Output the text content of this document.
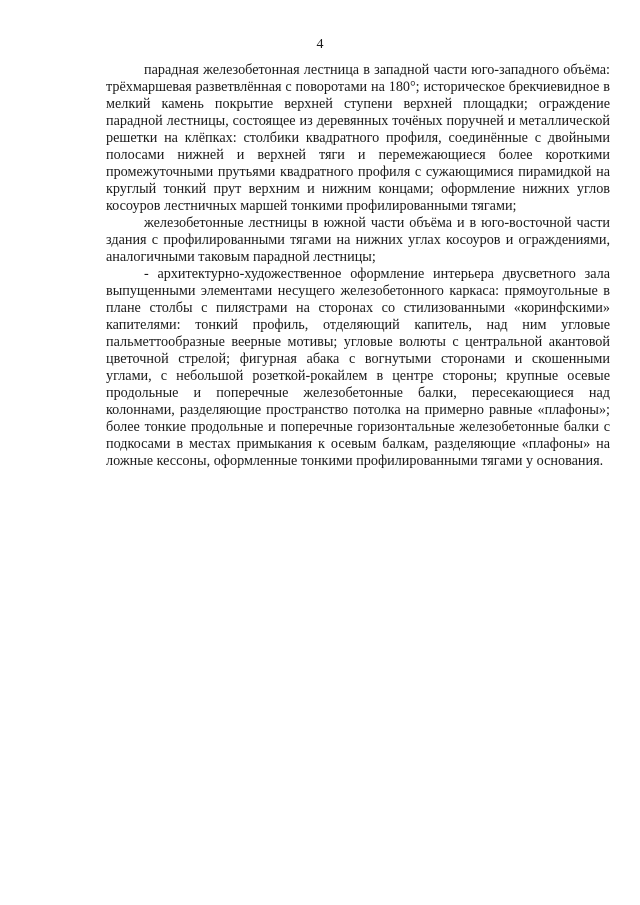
4

парадная железобетонная лестница в западной части юго-западного объёма: трёхмаршевая разветвлённая с поворотами на 180°; историческое брекчиевидное в мелкий камень покрытие верхней ступени верхней площадки; ограждение парадной лестницы, состоящее из деревянных точёных поручней и металлической решетки на клёпках: столбики квадратного профиля, соединённые с двойными полосами нижней и верхней тяги и перемежающиеся более короткими промежуточными прутьями квадратного профиля с сужающимися пирамидкой на круглый тонкий прут верхним и нижним концами; оформление нижних углов косоуров лестничных маршей тонкими профилированными тягами;

железобетонные лестницы в южной части объёма и в юго-восточной части здания с профилированными тягами на нижних углах косоуров и ограждениями, аналогичными таковым парадной лестницы;

- архитектурно-художественное оформление интерьера двусветного зала выпущенными элементами несущего железобетонного каркаса: прямоугольные в плане столбы с пилястрами на сторонах со стилизованными «коринфскими» капителями: тонкий профиль, отделяющий капитель, над ним угловые пальметтообразные веерные мотивы; угловые волюты с центральной акантовой цветочной стрелой; фигурная абака с вогнутыми сторонами и скошенными углами, с небольшой розеткой-рокайлем в центре стороны; крупные осевые продольные и поперечные железобетонные балки, пересекающиеся над колоннами, разделяющие пространство потолка на примерно равные «плафоны»; более тонкие продольные и поперечные горизонтальные железобетонные балки с подкосами в местах примыкания к осевым балкам, разделяющие «плафоны» на ложные кессоны, оформленные тонкими профилированными тягами у основания.
